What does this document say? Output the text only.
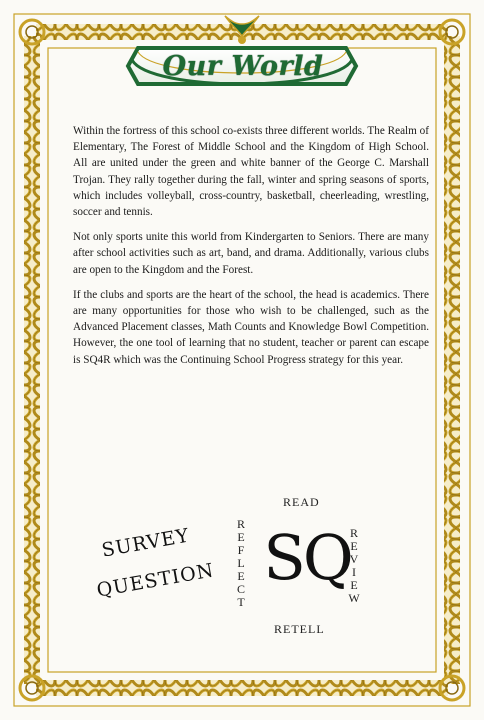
Our World

Within the fortress of this school co-exists three different worlds. The Realm of Elementary, The Forest of Middle School and the Kingdom of High School. All are united under the green and white banner of the George C. Marshall Trojan. They rally together during the fall, winter and spring seasons of sports, which includes volleyball, cross-country, basketball, cheerleading, wrestling, soccer and tennis.

Not only sports unite this world from Kindergarten to Seniors. There are many after school activities such as art, band, and drama. Additionally, various clubs are open to the Kingdom and the Forest.

If the clubs and sports are the heart of the school, the head is academics. There are many opportunities for those who wish to be challenged, such as the Advanced Placement classes, Math Counts and Knowledge Bowl Competition. However, the one tool of learning that no student, teacher or parent can escape is SQ4R which was the Continuing School Progress strategy for this year.

SURVEY
QUESTION
READ
SQ
RETELL
R
E
F
L
E
C
T
R
E
V
I
E
W
